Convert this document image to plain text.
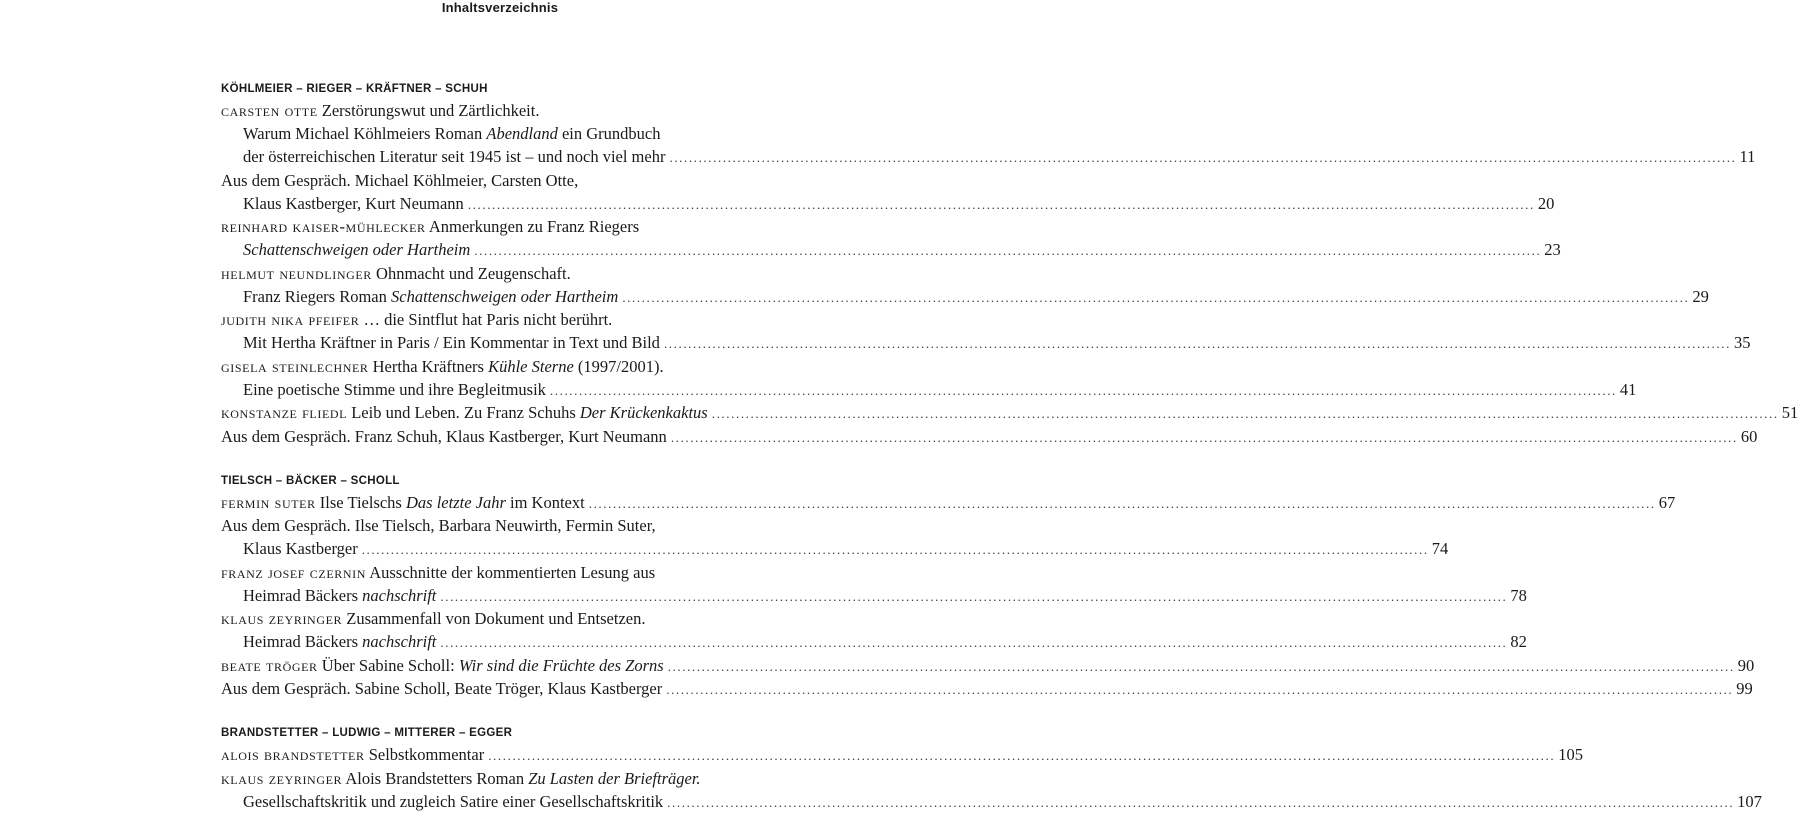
Inhaltsverzeichnis
KÖHLMEIER – RIEGER – KRÄFTNER – SCHUH
carsten otte Zerstörungswut und Zärtlichkeit.
Warum Michael Köhlmeiers Roman Abendland ein Grundbuch
der österreichischen Literatur seit 1945 ist – und noch viel mehr ............................................................................................................................................................................................................................ 11
Aus dem Gespräch. Michael Köhlmeier, Carsten Otte,
Klaus Kastberger, Kurt Neumann ............................................................................................................................................................................................................................ 20
reinhard kaiser-mühlecker Anmerkungen zu Franz Riegers
Schattenschweigen oder Hartheim ............................................................................................................................................................................................................................ 23
helmut neundlinger Ohnmacht und Zeugenschaft.
Franz Riegers Roman Schattenschweigen oder Hartheim ............................................................................................................................................................................................................................ 29
judith nika pfeifer … die Sintflut hat Paris nicht berührt.
Mit Hertha Kräftner in Paris / Ein Kommentar in Text und Bild ............................................................................................................................................................................................................................ 35
gisela steinlechner Hertha Kräftners Kühle Sterne (1997/2001).
Eine poetische Stimme und ihre Begleitmusik ............................................................................................................................................................................................................................ 41
konstanze fliedl Leib und Leben. Zu Franz Schuhs Der Krückenkaktus ............................................................................................................................................................................................................................ 51
Aus dem Gespräch. Franz Schuh, Klaus Kastberger, Kurt Neumann ............................................................................................................................................................................................................................ 60
TIELSCH – BÄCKER – SCHOLL
fermin suter Ilse Tielschs Das letzte Jahr im Kontext ............................................................................................................................................................................................................................ 67
Aus dem Gespräch. Ilse Tielsch, Barbara Neuwirth, Fermin Suter,
Klaus Kastberger ............................................................................................................................................................................................................................ 74
franz josef czernin Ausschnitte der kommentierten Lesung aus
Heimrad Bäckers nachschrift ............................................................................................................................................................................................................................ 78
klaus zeyringer Zusammenfall von Dokument und Entsetzen.
Heimrad Bäckers nachschrift ............................................................................................................................................................................................................................ 82
beate tröger Über Sabine Scholl: Wir sind die Früchte des Zorns ............................................................................................................................................................................................................................ 90
Aus dem Gespräch. Sabine Scholl, Beate Tröger, Klaus Kastberger ............................................................................................................................................................................................................................ 99
BRANDSTETTER – LUDWIG – MITTERER – EGGER
alois brandstetter Selbstkommentar ............................................................................................................................................................................................................................ 105
klaus zeyringer Alois Brandstetters Roman Zu Lasten der Briefträger.
Gesellschaftskritik und zugleich Satire einer Gesellschaftskritik ............................................................................................................................................................................................................................ 107
